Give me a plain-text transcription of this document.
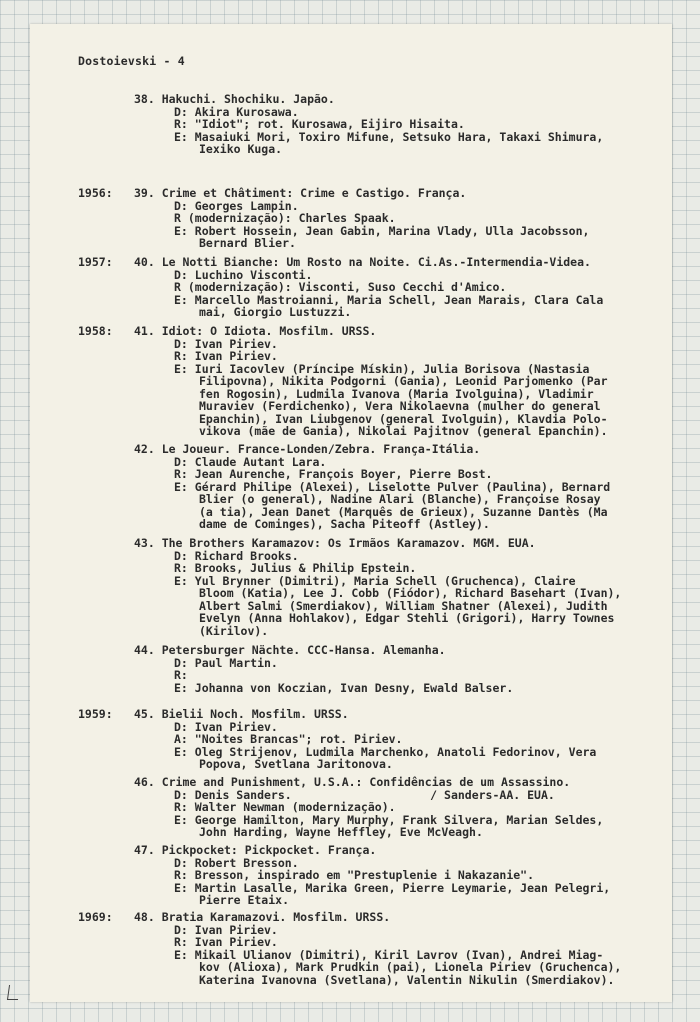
Dostoievski - 4
38. Hakuchi. Shochiku. Japão.
D: Akira Kurosawa.
R: "Idiot"; rot. Kurosawa, Eijiro Hisaita.
E: Masaiuki Mori, Toxiro Mifune, Setsuko Hara, Takaxi Shimura,
Iexiko Kuga.
1956:	39. Crime et Châtiment: Crime e Castigo. França.
D: Georges Lampin.
R (modernização): Charles Spaak.
E: Robert Hossein, Jean Gabin, Marina Vlady, Ulla Jacobsson,
Bernard Blier.
1957:	40. Le Notti Bianche: Um Rosto na Noite. Ci.As.-Intermendia-Videa.
D: Luchino Visconti.
R (modernização): Visconti, Suso Cecchi d'Amico.
E: Marcello Mastroianni, Maria Schell, Jean Marais, Clara Cala
mai, Giorgio Lustuzzi.
1958:	41. Idiot: O Idiota. Mosfilm. URSS.
D: Ivan Piriev.
R: Ivan Piriev.
E: Iuri Iacovlev (Príncipe Mískin), Julia Borisova (Nastasia
Filipovna), Nikita Podgorni (Gania), Leonid Parjomenko (Par
fen Rogosin), Ludmila Ivanova (Maria Ivolguina), Vladimir
Muraviev (Ferdichenko), Vera Nikolaevna (mulher do general
Epanchin), Ivan Liubgenov (general Ivolguin), Klavdia Polo-
vikova (mãe de Gania), Nikolai Pajitnov (general Epanchin).
42. Le Joueur. France-Londen/Zebra. França-Itália.
D: Claude Autant Lara.
R: Jean Aurenche, François Boyer, Pierre Bost.
E: Gérard Philipe (Alexei), Liselotte Pulver (Paulina), Bernard
Blier (o general), Nadine Alari (Blanche), Françoise Rosay
(a tia), Jean Danet (Marquês de Grieux), Suzanne Dantès (Ma
dame de Cominges), Sacha Piteoff (Astley).
43. The Brothers Karamazov: Os Irmãos Karamazov. MGM. EUA.
D: Richard Brooks.
R: Brooks, Julius & Philip Epstein.
E: Yul Brynner (Dimitri), Maria Schell (Gruchenca), Claire
Bloom (Katia), Lee J. Cobb (Fiódor), Richard Basehart (Ivan),
Albert Salmi (Smerdiakov), William Shatner (Alexei), Judith
Evelyn (Anna Hohlakov), Edgar Stehli (Grigori), Harry Townes
(Kirilov).
44. Petersburger Nächte. CCC-Hansa. Alemanha.
D: Paul Martin.
R:
E: Johanna von Koczian, Ivan Desny, Ewald Balser.
1959:	45. Bielii Noch. Mosfilm. URSS.
D: Ivan Piriev.
A: "Noites Brancas"; rot. Piriev.
E: Oleg Strijenov, Ludmila Marchenko, Anatoli Fedorinov, Vera
Popova, Svetlana Jaritonova.
46. Crime and Punishment, U.S.A.: Confidências de um Assassino.
D: Denis Sanders.                    / Sanders-AA. EUA.
R: Walter Newman (modernização).
E: George Hamilton, Mary Murphy, Frank Silvera, Marian Seldes,
John Harding, Wayne Heffley, Eve McVeagh.
47. Pickpocket: Pickpocket. França.
D: Robert Bresson.
R: Bresson, inspirado em "Prestuplenie i Nakazanie".
E: Martin Lasalle, Marika Green, Pierre Leymarie, Jean Pelegri,
Pierre Etaix.
1969:	48. Bratia Karamazovi. Mosfilm. URSS.
D: Ivan Piriev.
R: Ivan Piriev.
E: Mikail Ulianov (Dimitri), Kiril Lavrov (Ivan), Andrei Miag-
kov (Alioxa), Mark Prudkin (pai), Lionela Piriev (Gruchenca),
Katerina Ivanovna (Svetlana), Valentin Nikulin (Smerdiakov).
